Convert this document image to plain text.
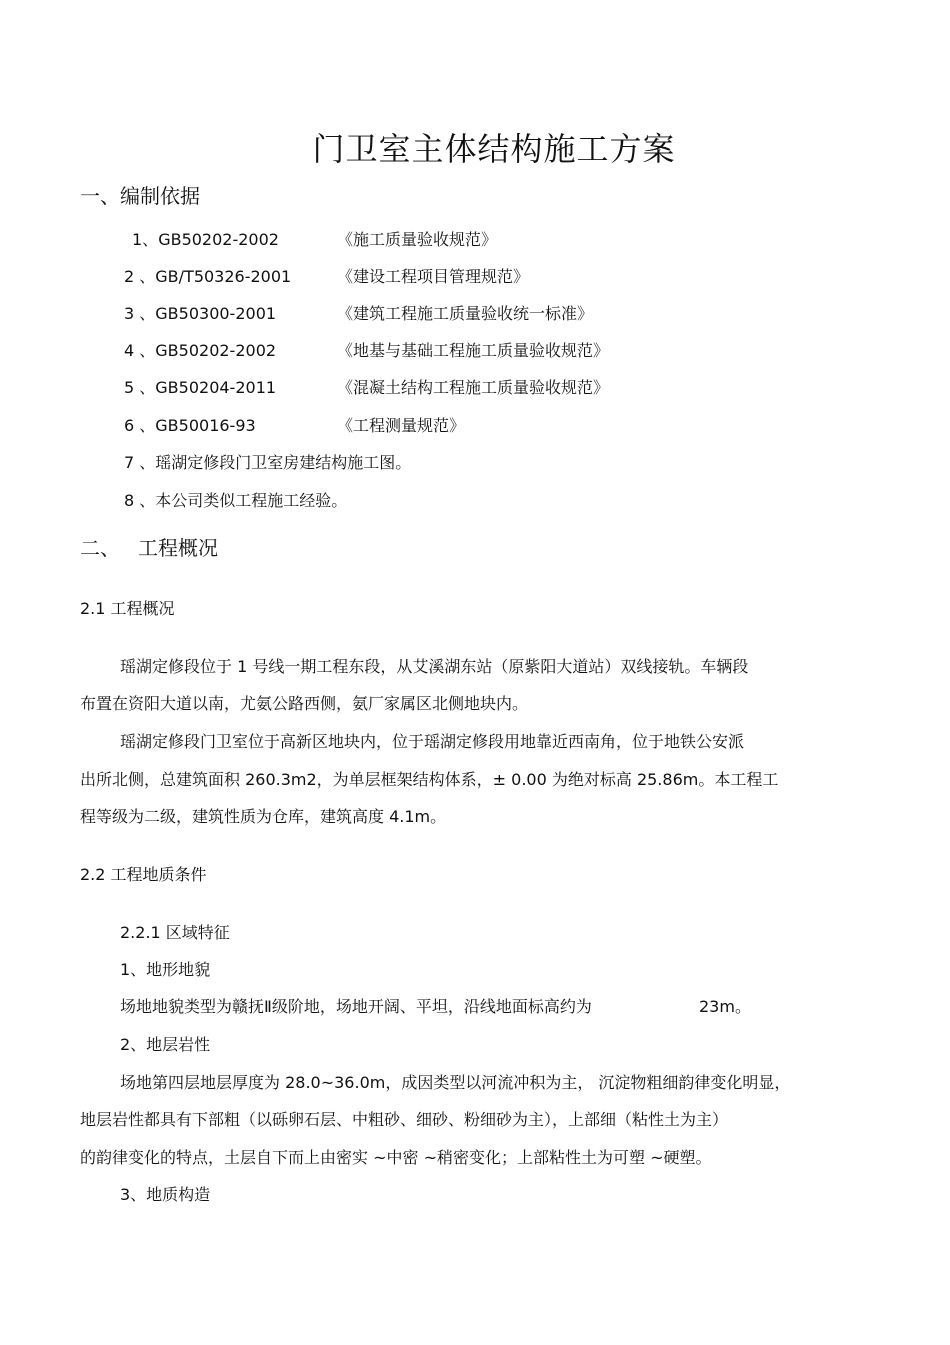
门卫室主体结构施工方案
一、编制依据
1、GB50202-2002	《施工质量验收规范》
2 、GB/T50326-2001	《建设工程项目管理规范》
3 、GB50300-2001	《建筑工程施工质量验收统一标准》
4 、GB50202-2002	《地基与基础工程施工质量验收规范》
5 、GB50204-2011	《混凝土结构工程施工质量验收规范》
6 、GB50016-93	《工程测量规范》
7 、瑶湖定修段门卫室房建结构施工图。
8 、本公司类似工程施工经验。
二、 工程概况
2.1 工程概况
瑶湖定修段位于 1 号线一期工程东段，从艾溪湖东站（原紫阳大道站）双线接轨。车辆段
布置在资阳大道以南，尤氨公路西侧，氨厂家属区北侧地块内。
瑶湖定修段门卫室位于高新区地块内，位于瑶湖定修段用地靠近西南角，位于地铁公安派
出所北侧，总建筑面积 260.3m2，为单层框架结构体系，± 0.00 为绝对标高 25.86m。本工程工
程等级为二级，建筑性质为仓库，建筑高度 4.1m。
2.2 工程地质条件
2.2.1 区域特征
1、地形地貌
场地地貌类型为赣抚Ⅱ级阶地，场地开阔、平坦，沿线地面标高约为	23m。
2、地层岩性
场地第四层地层厚度为 28.0~36.0m，成因类型以河流冲积为主， 沉淀物粗细韵律变化明显，
地层岩性都具有下部粗（以砾卵石层、中粗砂、细砂、粉细砂为主），上部细（粘性土为主）
的韵律变化的特点，土层自下而上由密实 ~中密 ~稍密变化；上部粘性土为可塑 ~硬塑。
3、地质构造
